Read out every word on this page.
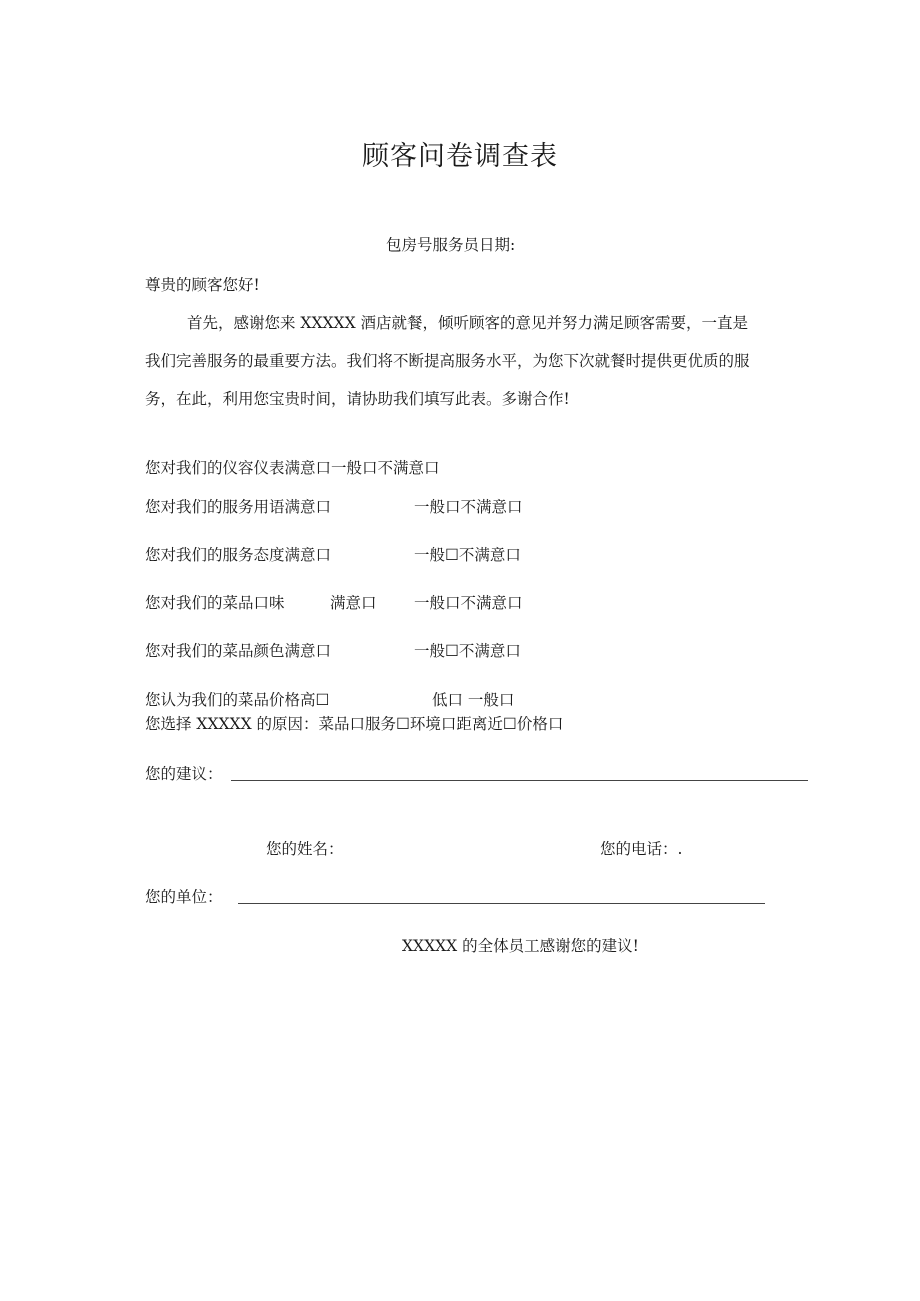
顾客问卷调查表
包房号服务员日期:
尊贵的顾客您好!
首先，感谢您来 XXXXX 酒店就餐，倾听顾客的意见并努力满足顾客需要，一直是
我们完善服务的最重要方法。我们将不断提高服务水平，为您下次就餐时提供更优质的服
务，在此，利用您宝贵时间，请协助我们填写此表。多谢合作!
您对我们的仪容仪表满意口一般口不满意口
您对我们的服务用语满意口	一般口不满意口
您对我们的服务态度满意口	一般☐不满意口
您对我们的菜品口味	满意口 一般口不满意口
您对我们的菜品颜色满意口	一般☐不满意口
您认为我们的菜品价格高☐	低口 一般口
您选择 XXXXX 的原因：菜品口服务☐环境口距离近☐价格口
您的建议：
您的姓名：	您的电话：.
您的单位：
XXXXX 的全体员工感谢您的建议!
